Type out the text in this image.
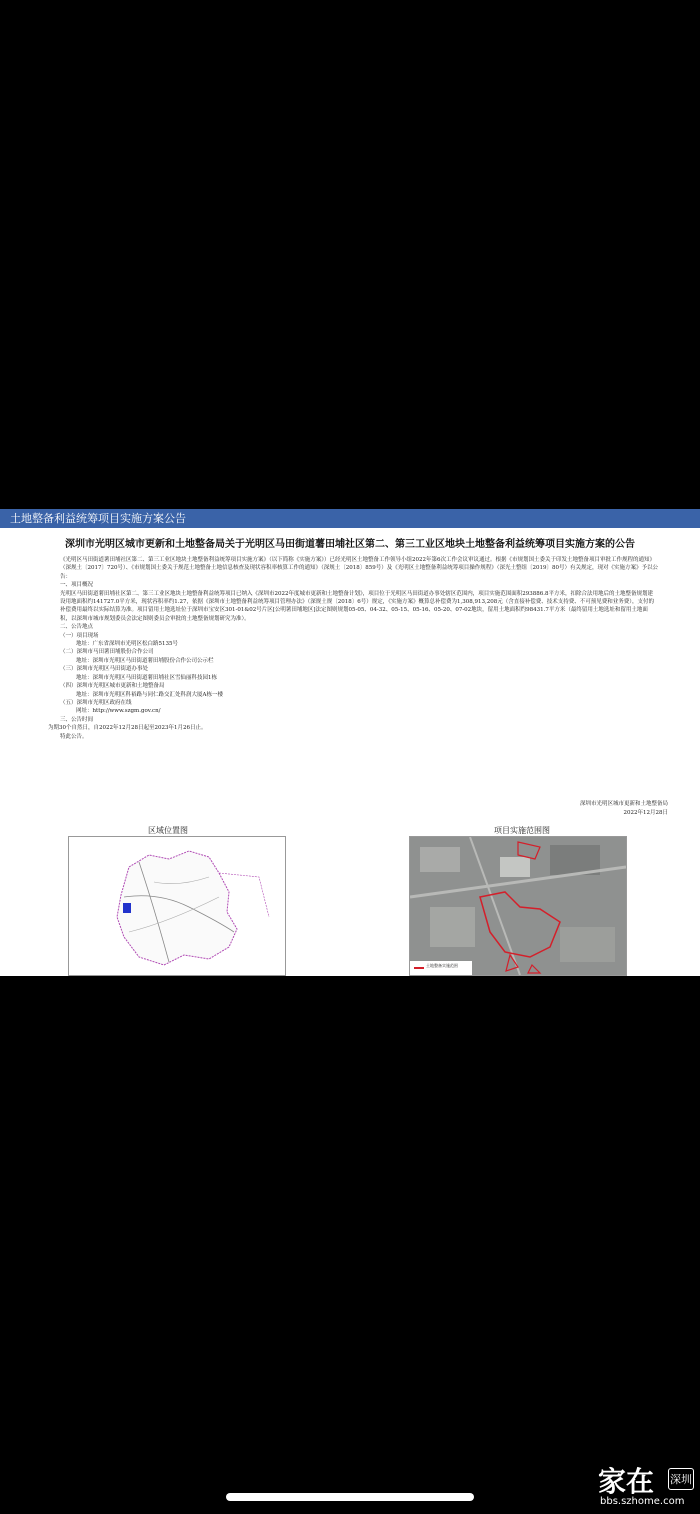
土地整备利益统筹项目实施方案公告
深圳市光明区城市更新和土地整备局关于光明区马田街道薯田埔社区第二、第三工业区地块土地整备利益统筹项目实施方案的公告

《光明区马田街道薯田埔社区第二、第三工业区地块土地整备利益统筹项目实施方案》（以下简称《实施方案》）已经光明区土地整备工作领导小组2022年第6次工作会议审议通过。根据《市规划国土委关于印发土地整备项目审批工作规程的通知》（深规土〔2017〕720号）、《市规划国土委关于规范土地整备土地信息核查及现状容积率核算工作的通知》（深规土〔2018〕859号）及《光明区土地整备利益统筹项目操作规程》（深光土整组〔2019〕80号）有关规定，现对《实施方案》予以公告：

一、项目概况

光明区马田街道薯田埔社区第二、第三工业区地块土地整备利益统筹项目已纳入《深圳市2022年度城市更新和土地整备计划》，项目位于光明区马田街道办事处辖区范围内，项目实施范围面积293886.8平方米，扣除合法用地后的土地整备规划建设用地面积约141727.0平方米，现状容积率约1.27，依据《深圳市土地整备利益统筹项目管理办法》（深规土规〔2018〕6号）规定，《实施方案》概算总补偿费为1,308,913,208元（含直接补偿费、技术支持费、不可预见费和业务费），支付的补偿费用最终以实际结算为准。项目留用土地选址位于深圳市宝安区301-01&02号片区[公明薯田埔地区]法定图则规划05-05、04-32、05-15、05-16、05-20、07-02地块，留用土地面积约98431.7平方米（最终留用土地选址和留用土地面积，以深圳市城市规划委员会法定图则委员会审批的土地整备规划研究为准）。

二、公告地点

（一）项目现场

地址：广东省深圳市光明区松白路5135号

（二）深圳市马田薯田埔股份合作公司

地址：深圳市光明区马田街道薯田埔股份合作公司公示栏

（三）深圳市光明区马田街道办事处

地址：深圳市光明区马田街道薯田埔社区雪仙丽科技园1栋

（四）深圳市光明区城市更新和土地整备局

地址：深圳市光明区科裕路与同仁路交汇处科润大厦A栋一楼

（五）深圳市光明区政府在线

网址：http://www.szgm.gov.cn/

三、公告时间

为期30个自然日，自2022年12月28日起至2023年1月26日止。

特此公告。

深圳市光明区城市更新和土地整备局
2022年12月28日
区域位置图	项目实施范围图
土地整备实施范围
家在 深圳
bbs.szhome.com
